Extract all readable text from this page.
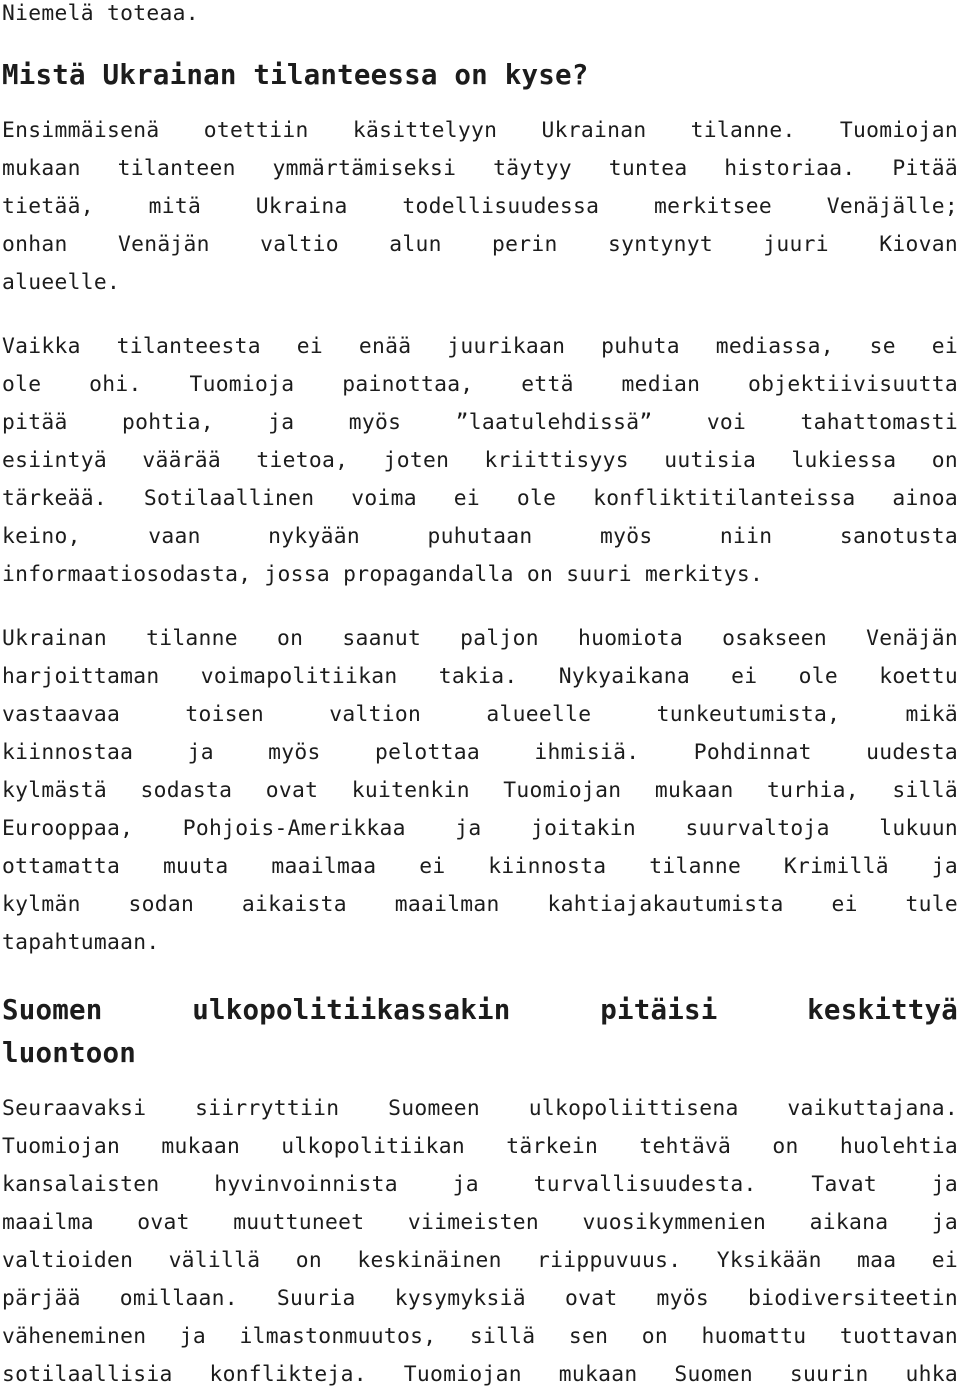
Niemelä toteaa.
Mistä Ukrainan tilanteessa on kyse?
Ensimmäisenä otettiin käsittelyyn Ukrainan tilanne. Tuomiojan
mukaan tilanteen ymmärtämiseksi täytyy tuntea historiaa. Pitää
tietää, mitä Ukraina todellisuudessa merkitsee Venäjälle;
onhan Venäjän valtio alun perin syntynyt juuri Kiovan
alueelle.
Vaikka tilanteesta ei enää juurikaan puhuta mediassa, se ei
ole ohi. Tuomioja painottaa, että median objektiivisuutta
pitää pohtia, ja myös ”laatulehdissä” voi tahattomasti
esiintyä väärää tietoa, joten kriittisyys uutisia lukiessa on
tärkeää. Sotilaallinen voima ei ole konfliktitilanteissa ainoa
keino, vaan nykyään puhutaan myös niin sanotusta
informaatiosodasta, jossa propagandalla on suuri merkitys.
Ukrainan tilanne on saanut paljon huomiota osakseen Venäjän
harjoittaman voimapolitiikan takia. Nykyaikana ei ole koettu
vastaavaa toisen valtion alueelle tunkeutumista, mikä
kiinnostaa ja myös pelottaa ihmisiä. Pohdinnat uudesta
kylmästä sodasta ovat kuitenkin Tuomiojan mukaan turhia, sillä
Eurooppaa, Pohjois-Amerikkaa ja joitakin suurvaltoja lukuun
ottamatta muuta maailmaa ei kiinnosta tilanne Krimillä ja
kylmän sodan aikaista maailman kahtiajakautumista ei tule
tapahtumaan.
Suomen ulkopolitiikassakin pitäisi keskittyä
luontoon
Seuraavaksi siirryttiin Suomeen ulkopoliittisena vaikuttajana.
Tuomiojan mukaan ulkopolitiikan tärkein tehtävä on huolehtia
kansalaisten hyvinvoinnista ja turvallisuudesta. Tavat ja
maailma ovat muuttuneet viimeisten vuosikymmenien aikana ja
valtioiden välillä on keskinäinen riippuvuus. Yksikään maa ei
pärjää omillaan. Suuria kysymyksiä ovat myös biodiversiteetin
väheneminen ja ilmastonmuutos, sillä sen on huomattu tuottavan
sotilaallisia konflikteja. Tuomiojan mukaan Suomen suurin uhka
